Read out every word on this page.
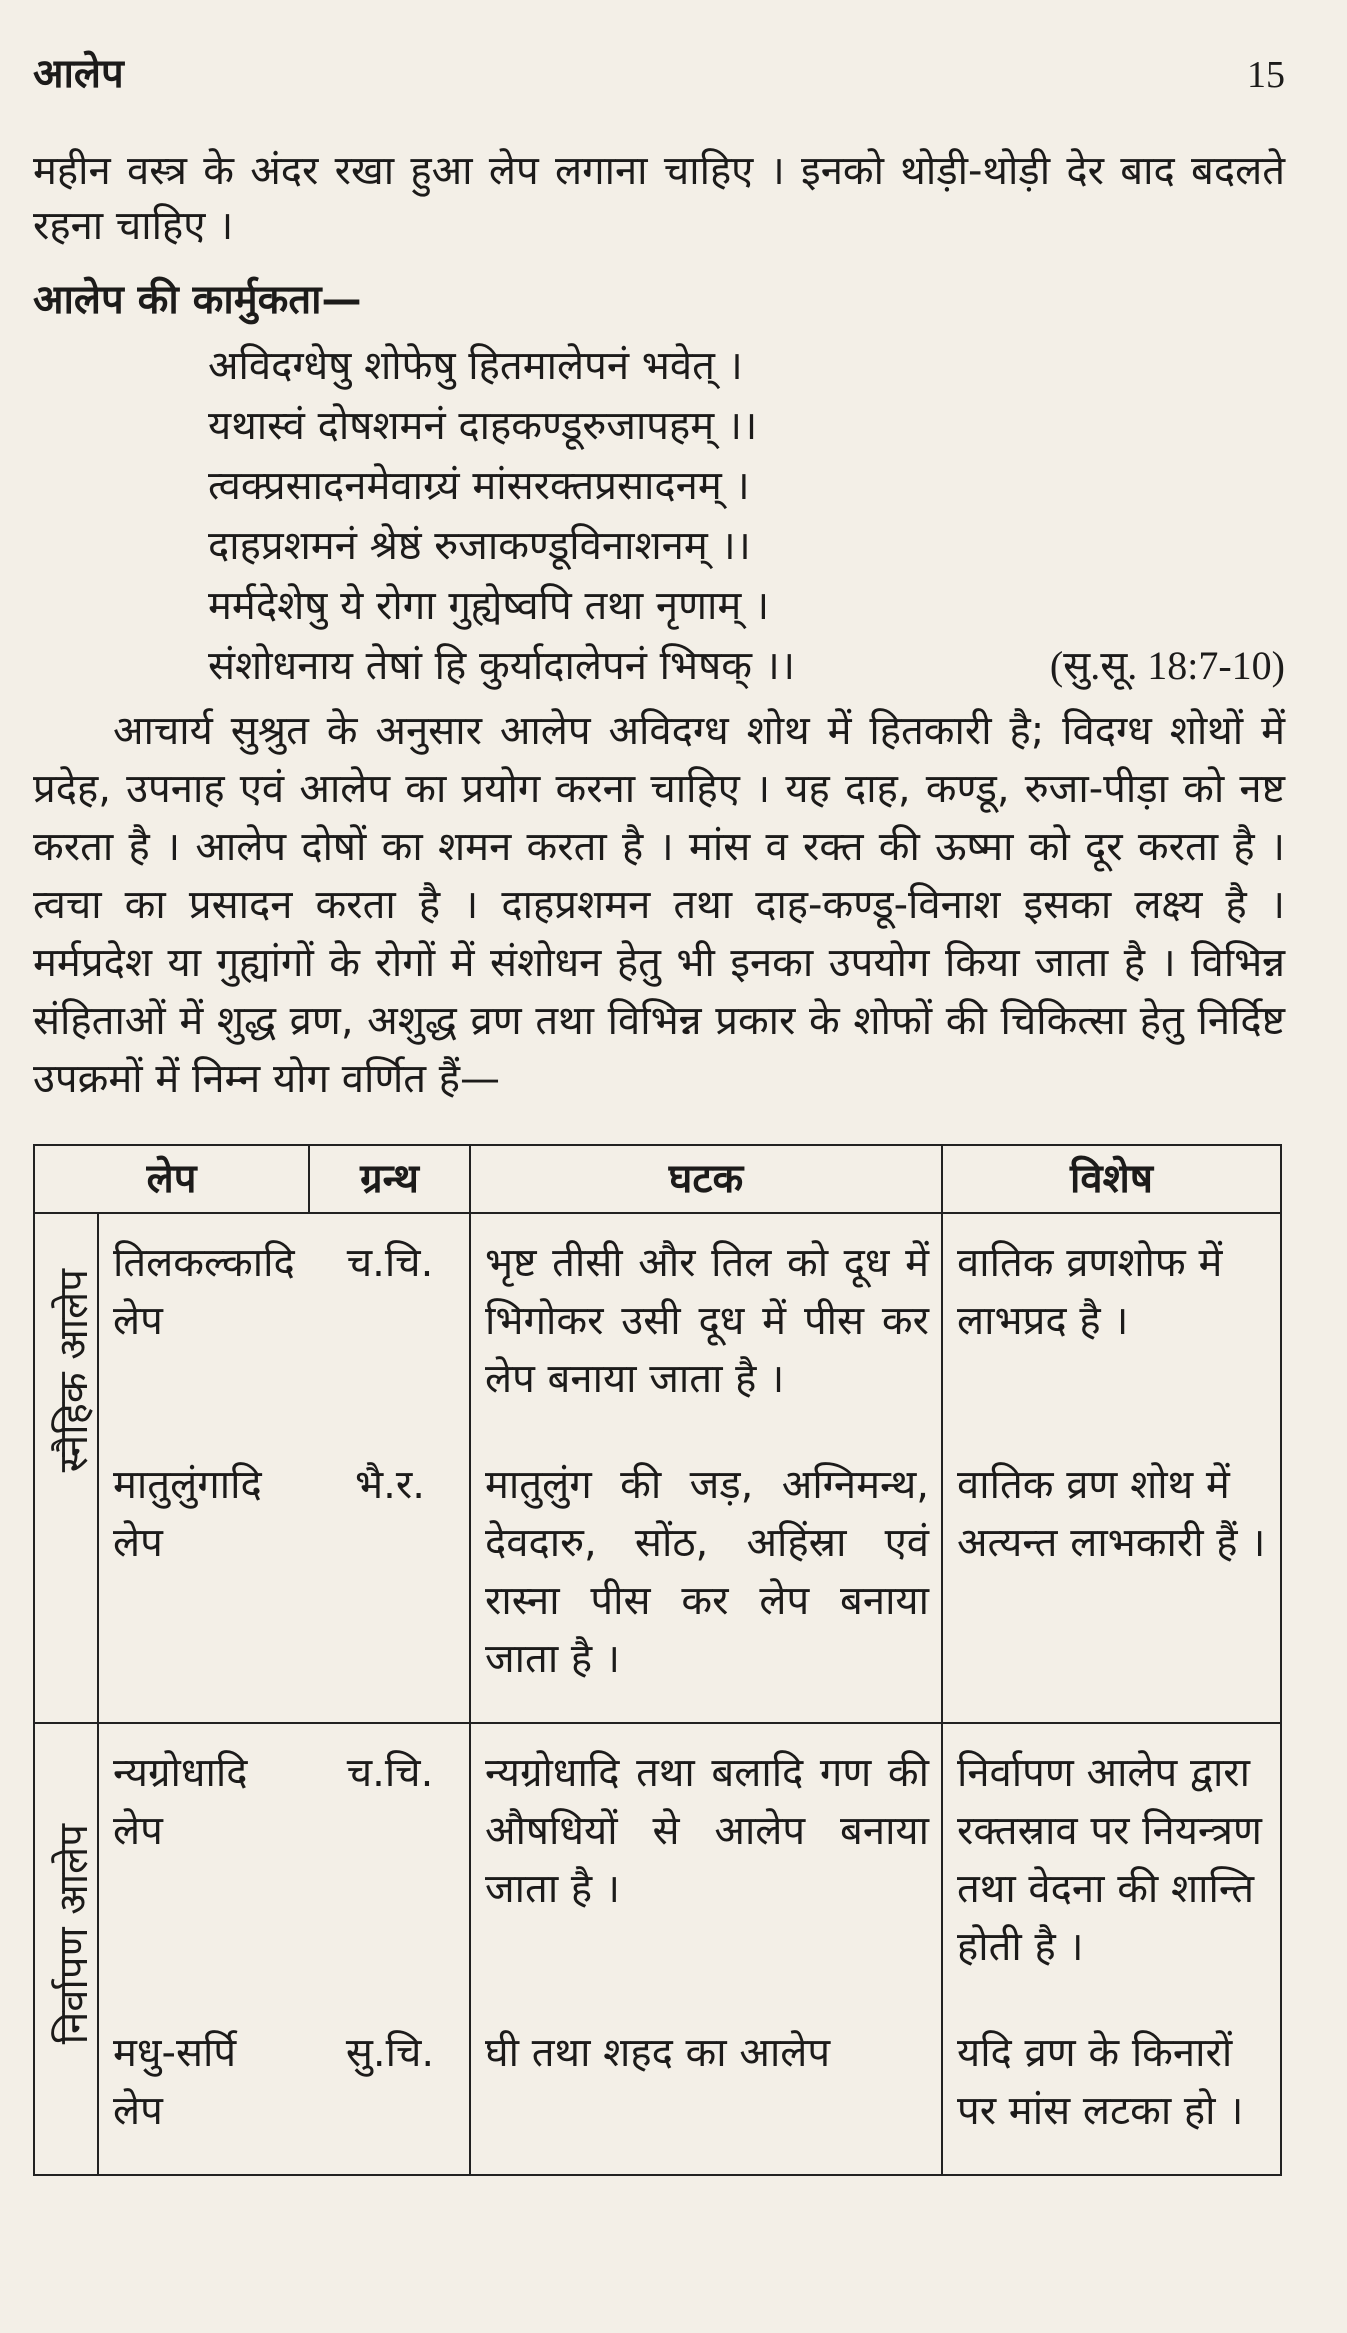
आलेप	15

महीन वस्त्र के अंदर रखा हुआ लेप लगाना चाहिए । इनको थोड़ी-थोड़ी देर बाद बदलते रहना चाहिए ।

आलेप की कार्मुकता—
अविदग्धेषु शोफेषु हितमालेपनं भवेत् ।
यथास्वं दोषशमनं दाहकण्डूरुजापहम् ।।
त्वक्प्रसादनमेवाग्र्यं मांसरक्तप्रसादनम् ।
दाहप्रशमनं श्रेष्ठं रुजाकण्डूविनाशनम् ।।
मर्मदेशेषु ये रोगा गुह्येष्वपि तथा नृणाम् ।
संशोधनाय तेषां हि कुर्यादालेपनं भिषक् ।।	(सु.सू. 18:7-10)

आचार्य सुश्रुत के अनुसार आलेप अविदग्ध शोथ में हितकारी है; विदग्ध शोथों में प्रदेह, उपनाह एवं आलेप का प्रयोग करना चाहिए । यह दाह, कण्डू, रुजा-पीड़ा को नष्ट करता है । आलेप दोषों का शमन करता है । मांस व रक्त की ऊष्मा को दूर करता है । त्वचा का प्रसादन करता है । दाहप्रशमन तथा दाह-कण्डू-विनाश इसका लक्ष्य है । मर्मप्रदेश या गुह्यांगों के रोगों में संशोधन हेतु भी इनका उपयोग किया जाता है । विभिन्न संहिताओं में शुद्ध व्रण, अशुद्ध व्रण तथा विभिन्न प्रकार के शोफों की चिकित्सा हेतु निर्दिष्ट उपक्रमों में निम्न योग वर्णित हैं—

लेप		ग्रन्थ	घटक	विशेष
स्नैहिक आलेप	तिलकल्कादि लेप	च.चि.	भृष्ट तीसी और तिल को दूध में भिगोकर उसी दूध में पीस कर लेप बनाया जाता है ।	वातिक व्रणशोफ में लाभप्रद है ।
	मातुलुंगादि लेप	भै.र.	मातुलुंग की जड़, अग्निमन्थ, देवदारु, सोंठ, अहिंस्रा एवं रास्ना पीस कर लेप बनाया जाता है ।	वातिक व्रण शोथ में अत्यन्त लाभकारी हैं ।
निर्वापण आलेप	न्यग्रोधादि लेप	च.चि.	न्यग्रोधादि तथा बलादि गण की औषधियों से आलेप बनाया जाता है ।	निर्वापण आलेप द्वारा रक्तस्राव पर नियन्त्रण तथा वेदना की शान्ति होती है ।
	मधु-सर्पि लेप	सु.चि.	घी तथा शहद का आलेप	यदि व्रण के किनारों पर मांस लटका हो ।
